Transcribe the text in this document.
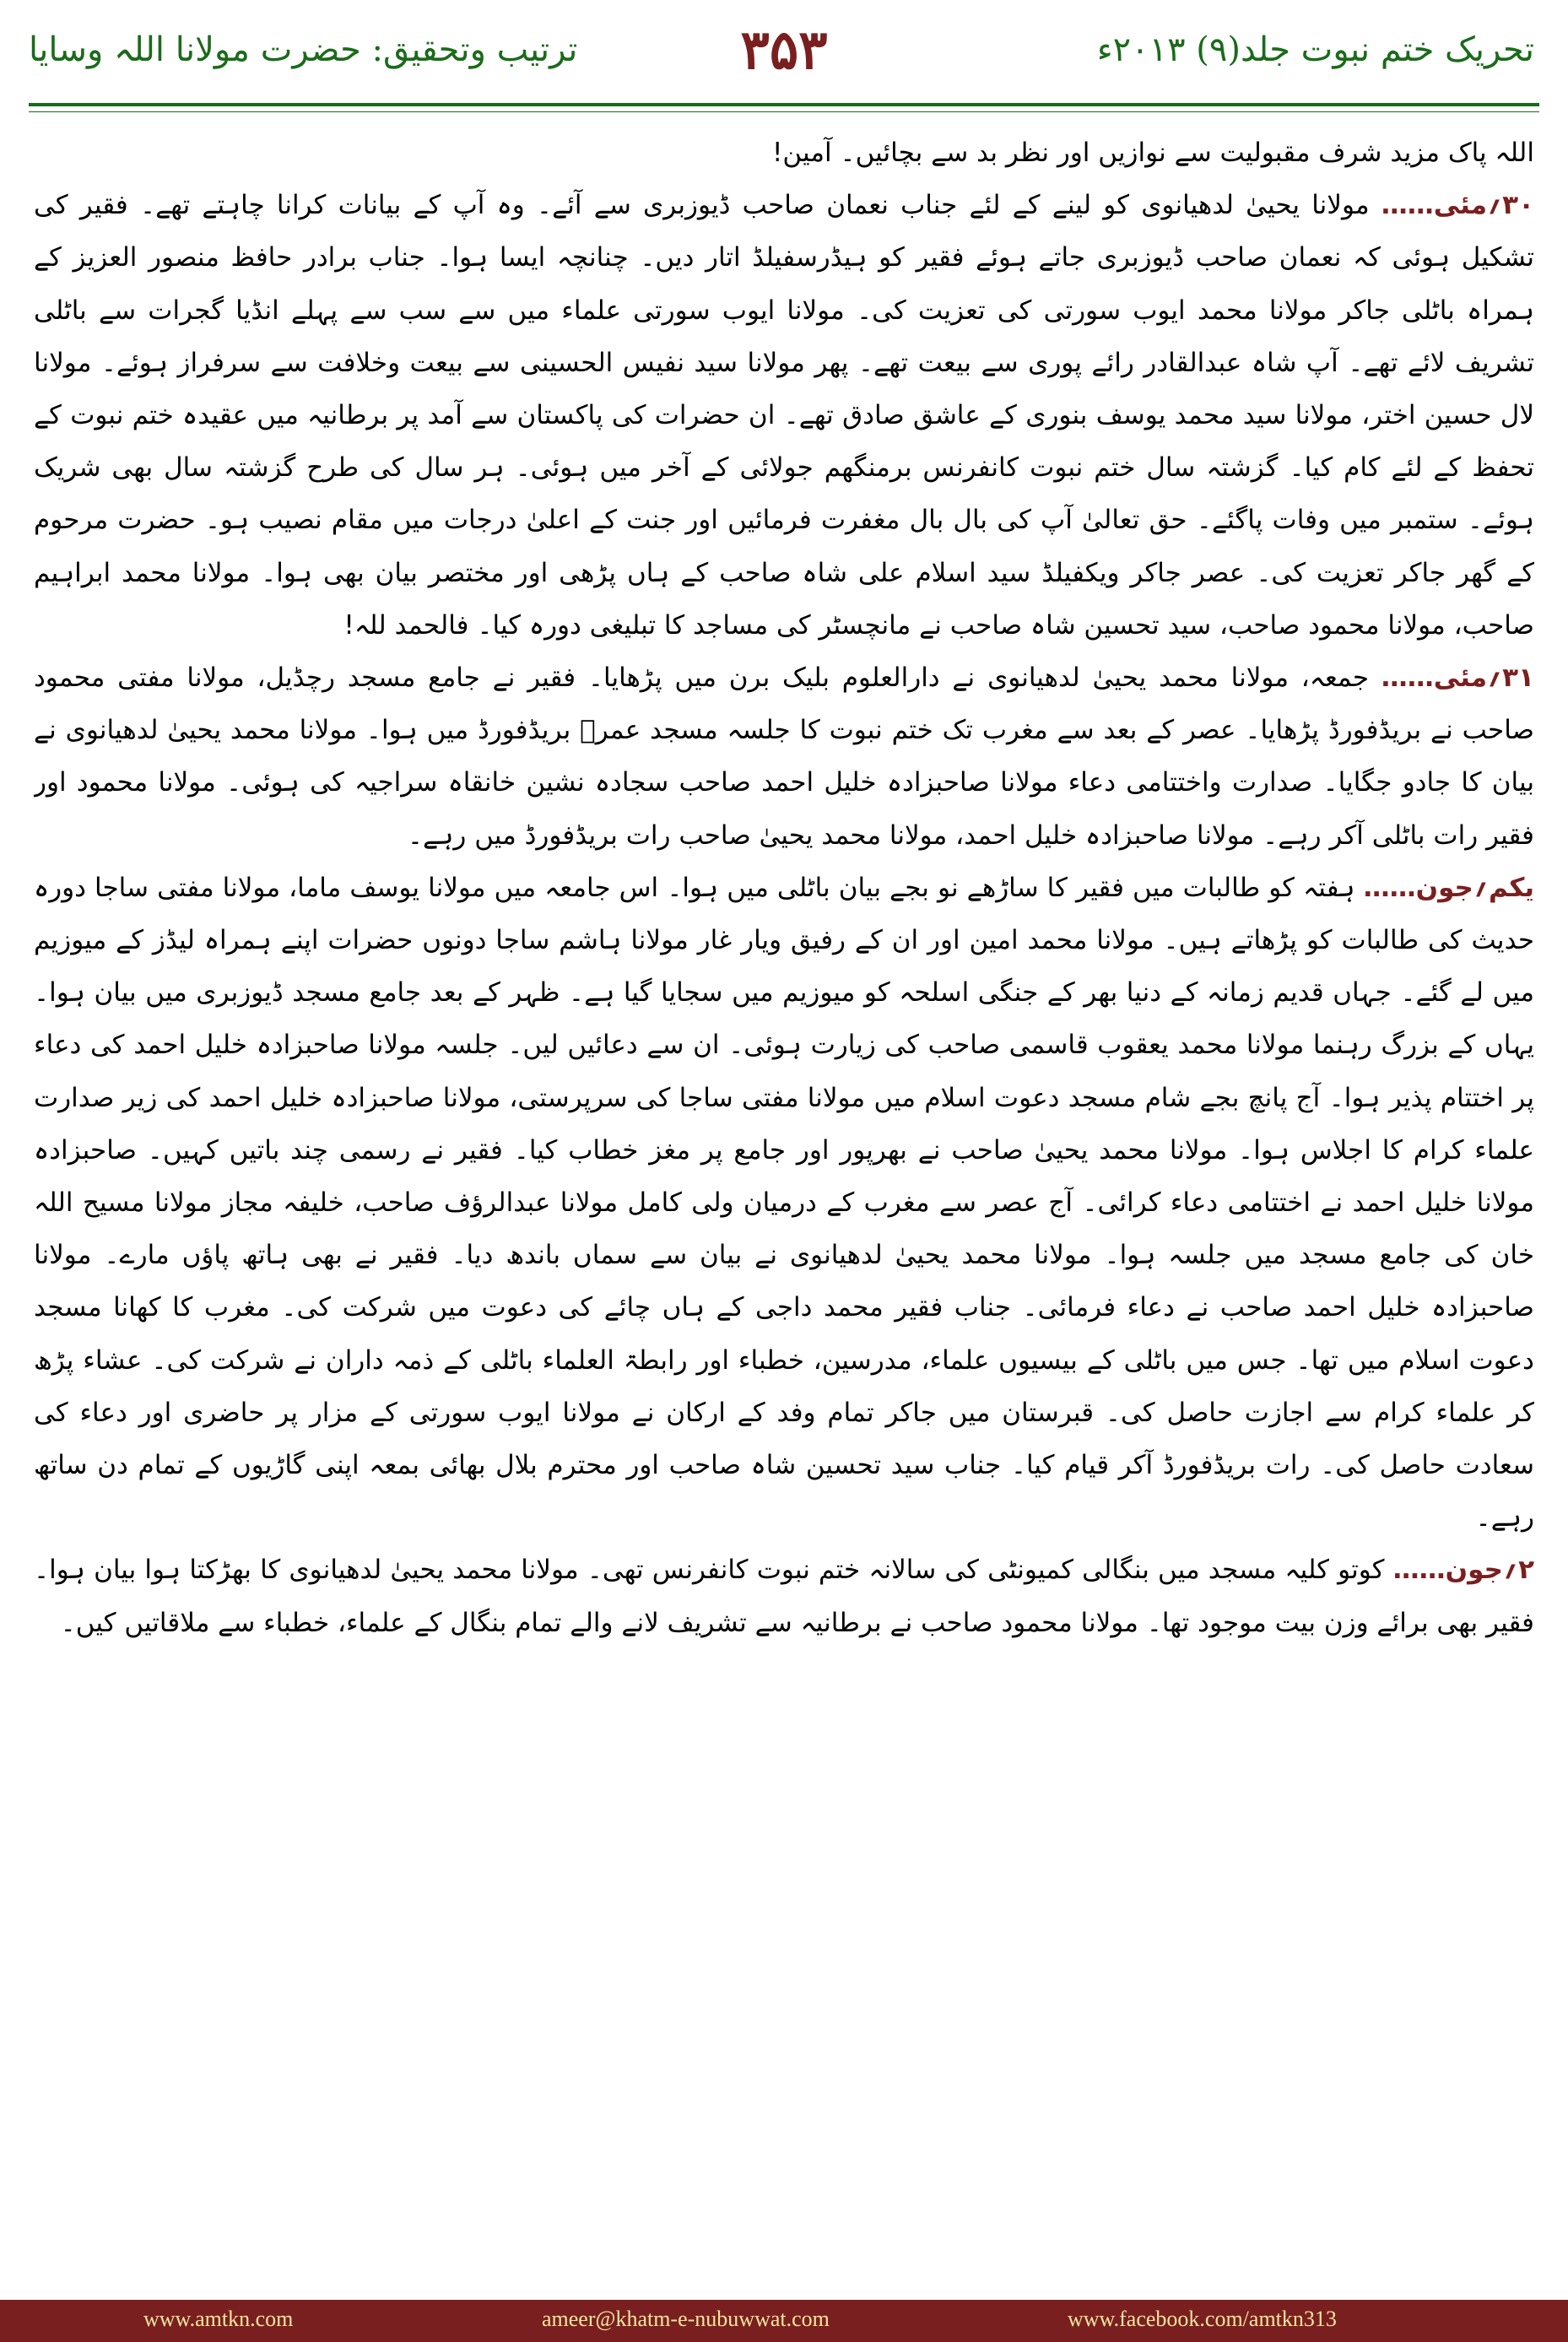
ترتیب وتحقیق: حضرت مولانا اللہ وسایا	۳۵۳	تحریک ختم نبوت جلد(۹) ۲۰۱۳ء

اللہ پاک مزید شرف مقبولیت سے نوازیں اور نظر بد سے بچائیں۔ آمین!

۳۰؍مئی…… مولانا یحییٰ لدھیانوی کو لینے کے لئے جناب نعمان صاحب ڈیوزبری سے آئے۔ وہ آپ کے بیانات کرانا چاہتے تھے۔ فقیر کی تشکیل ہوئی کہ نعمان صاحب ڈیوزبری جاتے ہوئے فقیر کو ہیڈرسفیلڈ اتار دیں۔ چنانچہ ایسا ہوا۔ جناب برادر حافظ منصور العزیز کے ہمراہ باٹلی جاکر مولانا محمد ایوب سورتی کی تعزیت کی۔ مولانا ایوب سورتی علماء میں سے سب سے پہلے انڈیا گجرات سے باٹلی تشریف لائے تھے۔ آپ شاہ عبدالقادر رائے پوری سے بیعت تھے۔ پھر مولانا سید نفیس الحسینی سے بیعت وخلافت سے سرفراز ہوئے۔ مولانا لال حسین اختر، مولانا سید محمد یوسف بنوری کے عاشق صادق تھے۔ ان حضرات کی پاکستان سے آمد پر برطانیہ میں عقیدہ ختم نبوت کے تحفظ کے لئے کام کیا۔ گزشتہ سال ختم نبوت کانفرنس برمنگھم جولائی کے آخر میں ہوئی۔ ہر سال کی طرح گزشتہ سال بھی شریک ہوئے۔ ستمبر میں وفات پاگئے۔ حق تعالیٰ آپ کی بال بال مغفرت فرمائیں اور جنت کے اعلیٰ درجات میں مقام نصیب ہو۔ حضرت مرحوم کے گھر جاکر تعزیت کی۔ عصر جاکر ویکفیلڈ سید اسلام علی شاہ صاحب کے ہاں پڑھی اور مختصر بیان بھی ہوا۔ مولانا محمد ابراہیم صاحب، مولانا محمود صاحب، سید تحسین شاہ صاحب نے مانچسٹر کی مساجد کا تبلیغی دورہ کیا۔ فالحمد للہ!

۳۱؍مئی…… جمعہ، مولانا محمد یحییٰ لدھیانوی نے دارالعلوم بلیک برن میں پڑھایا۔ فقیر نے جامع مسجد رچڈیل، مولانا مفتی محمود صاحب نے بریڈفورڈ پڑھایا۔ عصر کے بعد سے مغرب تک ختم نبوت کا جلسہ مسجد عمرؓ بریڈفورڈ میں ہوا۔ مولانا محمد یحییٰ لدھیانوی نے بیان کا جادو جگایا۔ صدارت واختتامی دعاء مولانا صاحبزادہ خلیل احمد صاحب سجادہ نشین خانقاہ سراجیہ کی ہوئی۔ مولانا محمود اور فقیر رات باٹلی آکر رہے۔ مولانا صاحبزادہ خلیل احمد، مولانا محمد یحییٰ صاحب رات بریڈفورڈ میں رہے۔

یکم؍جون…… ہفتہ کو طالبات میں فقیر کا ساڑھے نو بجے بیان باٹلی میں ہوا۔ اس جامعہ میں مولانا یوسف ماما، مولانا مفتی ساجا دورہ حدیث کی طالبات کو پڑھاتے ہیں۔ مولانا محمد امین اور ان کے رفیق ویار غار مولانا ہاشم ساجا دونوں حضرات اپنے ہمراہ لیڈز کے میوزیم میں لے گئے۔ جہاں قدیم زمانہ کے دنیا بھر کے جنگی اسلحہ کو میوزیم میں سجایا گیا ہے۔ ظہر کے بعد جامع مسجد ڈیوزبری میں بیان ہوا۔ یہاں کے بزرگ رہنما مولانا محمد یعقوب قاسمی صاحب کی زیارت ہوئی۔ ان سے دعائیں لیں۔ جلسہ مولانا صاحبزادہ خلیل احمد کی دعاء پر اختتام پذیر ہوا۔ آج پانچ بجے شام مسجد دعوت اسلام میں مولانا مفتی ساجا کی سرپرستی، مولانا صاحبزادہ خلیل احمد کی زیر صدارت علماء کرام کا اجلاس ہوا۔ مولانا محمد یحییٰ صاحب نے بھرپور اور جامع پر مغز خطاب کیا۔ فقیر نے رسمی چند باتیں کہیں۔ صاحبزادہ مولانا خلیل احمد نے اختتامی دعاء کرائی۔ آج عصر سے مغرب کے درمیان ولی کامل مولانا عبدالرؤف صاحب، خلیفہ مجاز مولانا مسیح اللہ خان کی جامع مسجد میں جلسہ ہوا۔ مولانا محمد یحییٰ لدھیانوی نے بیان سے سماں باندھ دیا۔ فقیر نے بھی ہاتھ پاؤں مارے۔ مولانا صاحبزادہ خلیل احمد صاحب نے دعاء فرمائی۔ جناب فقیر محمد داجی کے ہاں چائے کی دعوت میں شرکت کی۔ مغرب کا کھانا مسجد دعوت اسلام میں تھا۔ جس میں باٹلی کے بیسیوں علماء، مدرسین، خطباء اور رابطۃ العلماء باٹلی کے ذمہ داران نے شرکت کی۔ عشاء پڑھ کر علماء کرام سے اجازت حاصل کی۔ قبرستان میں جاکر تمام وفد کے ارکان نے مولانا ایوب سورتی کے مزار پر حاضری اور دعاء کی سعادت حاصل کی۔ رات بریڈفورڈ آکر قیام کیا۔ جناب سید تحسین شاہ صاحب اور محترم بلال بھائی بمعہ اپنی گاڑیوں کے تمام دن ساتھ رہے۔

۲؍جون…… کوتو کلیہ مسجد میں بنگالی کمیونٹی کی سالانہ ختم نبوت کانفرنس تھی۔ مولانا محمد یحییٰ لدھیانوی کا بھڑکتا ہوا بیان ہوا۔ فقیر بھی برائے وزن بیت موجود تھا۔ مولانا محمود صاحب نے برطانیہ سے تشریف لانے والے تمام بنگال کے علماء، خطباء سے ملاقاتیں کیں۔

www.amtkn.com	ameer@khatm-e-nubuwwat.com	www.facebook.com/amtkn313
